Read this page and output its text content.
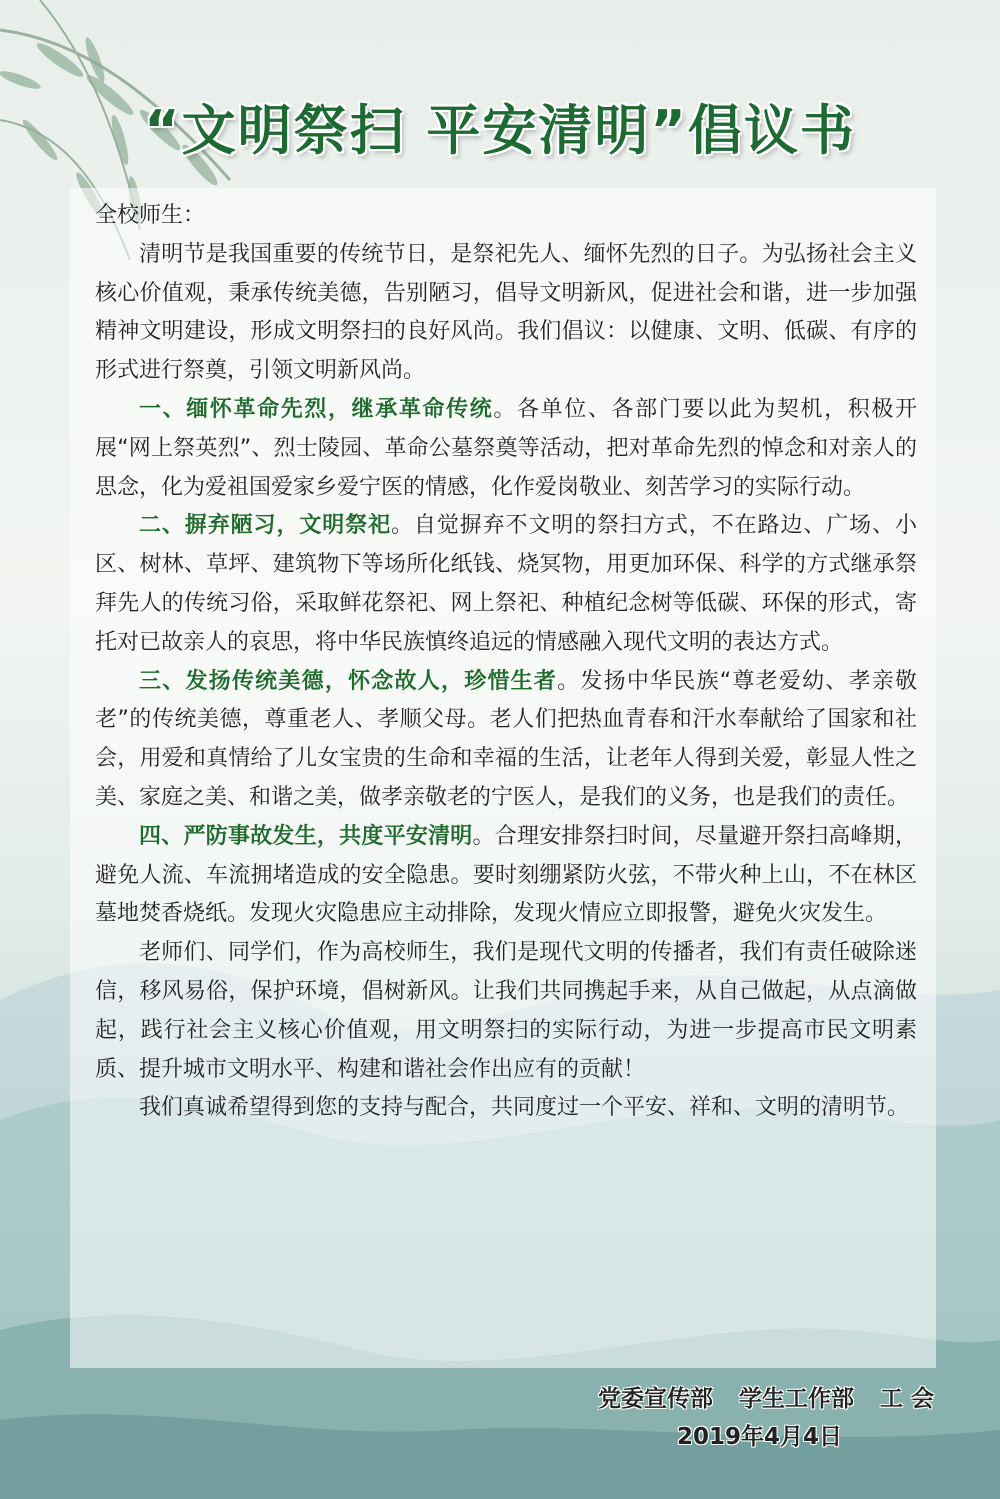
“文明祭扫 平安清明”倡议书

全校师生：

清明节是我国重要的传统节日，是祭祀先人、缅怀先烈的日子。为弘扬社会主义核心价值观，秉承传统美德，告别陋习，倡导文明新风，促进社会和谐，进一步加强精神文明建设，形成文明祭扫的良好风尚。我们倡议：以健康、文明、低碳、有序的形式进行祭奠，引领文明新风尚。

一、缅怀革命先烈，继承革命传统。各单位、各部门要以此为契机，积极开展“网上祭英烈”、烈士陵园、革命公墓祭奠等活动，把对革命先烈的悼念和对亲人的思念，化为爱祖国爱家乡爱宁医的情感，化作爱岗敬业、刻苦学习的实际行动。

二、摒弃陋习，文明祭祀。自觉摒弃不文明的祭扫方式，不在路边、广场、小区、树林、草坪、建筑物下等场所化纸钱、烧冥物，用更加环保、科学的方式继承祭拜先人的传统习俗，采取鲜花祭祀、网上祭祀、种植纪念树等低碳、环保的形式，寄托对已故亲人的哀思，将中华民族慎终追远的情感融入现代文明的表达方式。

三、发扬传统美德，怀念故人，珍惜生者。发扬中华民族“尊老爱幼、孝亲敬老”的传统美德，尊重老人、孝顺父母。老人们把热血青春和汗水奉献给了国家和社会，用爱和真情给了儿女宝贵的生命和幸福的生活，让老年人得到关爱，彰显人性之美、家庭之美、和谐之美，做孝亲敬老的宁医人，是我们的义务，也是我们的责任。

四、严防事故发生，共度平安清明。合理安排祭扫时间，尽量避开祭扫高峰期，避免人流、车流拥堵造成的安全隐患。要时刻绷紧防火弦，不带火种上山，不在林区墓地焚香烧纸。发现火灾隐患应主动排除，发现火情应立即报警，避免火灾发生。

老师们、同学们，作为高校师生，我们是现代文明的传播者，我们有责任破除迷信，移风易俗，保护环境，倡树新风。让我们共同携起手来，从自己做起，从点滴做起，践行社会主义核心价值观，用文明祭扫的实际行动，为进一步提高市民文明素质、提升城市文明水平、构建和谐社会作出应有的贡献！

我们真诚希望得到您的支持与配合，共同度过一个平安、祥和、文明的清明节。

党委宣传部 学生工作部 工 会
2019年4月4日
